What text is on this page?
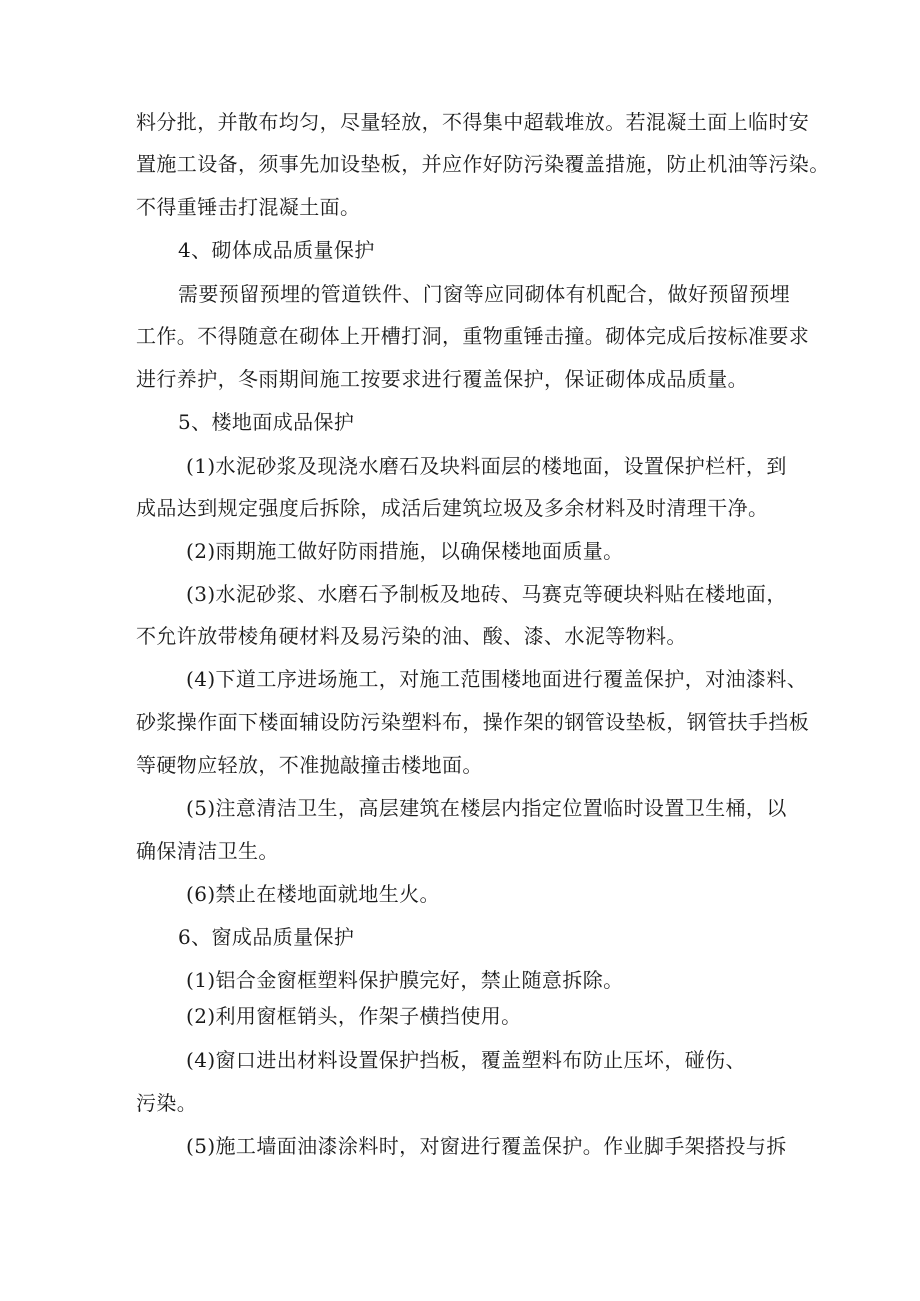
料分批，并散布均匀，尽量轻放，不得集中超载堆放。若混凝土面上临时安
置施工设备，须事先加设垫板，并应作好防污染覆盖措施，防止机油等污染。
不得重锤击打混凝土面。
4、砌体成品质量保护
需要预留预埋的管道铁件、门窗等应同砌体有机配合，做好预留预埋
工作。不得随意在砌体上开槽打洞，重物重锤击撞。砌体完成后按标准要求
进行养护，冬雨期间施工按要求进行覆盖保护，保证砌体成品质量。
5、楼地面成品保护
(1)水泥砂浆及现浇水磨石及块料面层的楼地面，设置保护栏杆，到
成品达到规定强度后拆除，成活后建筑垃圾及多余材料及时清理干净。
(2)雨期施工做好防雨措施，以确保楼地面质量。
(3)水泥砂浆、水磨石予制板及地砖、马赛克等硬块料贴在楼地面，
不允许放带棱角硬材料及易污染的油、酸、漆、水泥等物料。
(4)下道工序进场施工，对施工范围楼地面进行覆盖保护，对油漆料、
砂浆操作面下楼面辅设防污染塑料布，操作架的钢管设垫板，钢管扶手挡板
等硬物应轻放，不准抛敲撞击楼地面。
(5)注意清洁卫生，高层建筑在楼层内指定位置临时设置卫生桶，以
确保清洁卫生。
(6)禁止在楼地面就地生火。
6、窗成品质量保护
(1)铝合金窗框塑料保护膜完好，禁止随意拆除。
(2)利用窗框销头，作架子横挡使用。
(4)窗口进出材料设置保护挡板，覆盖塑料布防止压坏，碰伤、
污染。
(5)施工墙面油漆涂料时，对窗进行覆盖保护。作业脚手架搭投与拆
